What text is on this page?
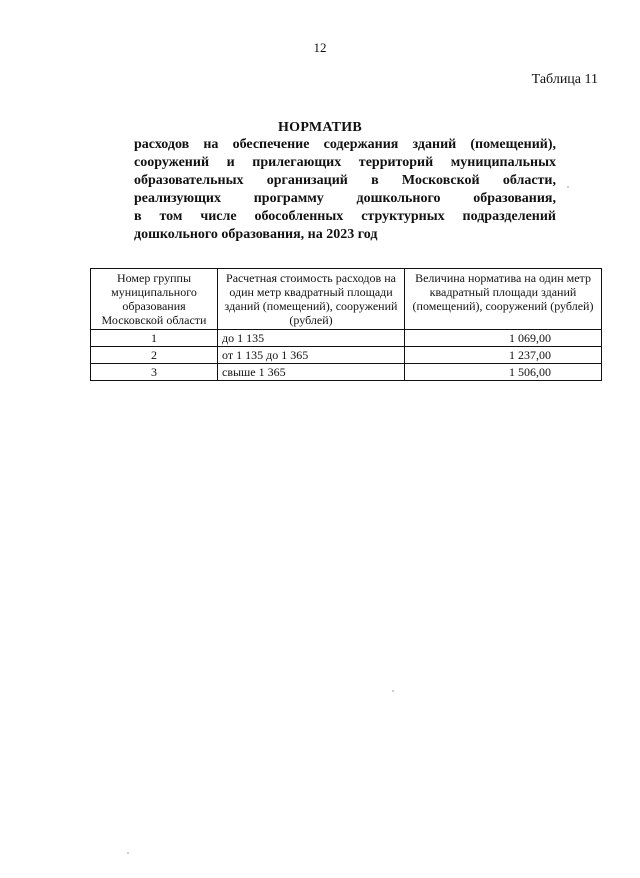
12
Таблица 11
НОРМАТИВ
расходов на обеспечение содержания зданий (помещений),
сооружений и прилегающих территорий муниципальных
образовательных организаций в Московской области,
реализующих программу дошкольного образования,
в том числе обособленных структурных подразделений
дошкольного образования, на 2023 год
Номер группы муниципального образования Московской области	Расчетная стоимость расходов на один метр квадратный площади зданий (помещений), сооружений (рублей)	Величина норматива на один метр квадратный площади зданий (помещений), сооружений (рублей)
1	до 1 135	1 069,00
2	от 1 135 до 1 365	1 237,00
3	свыше 1 365	1 506,00
